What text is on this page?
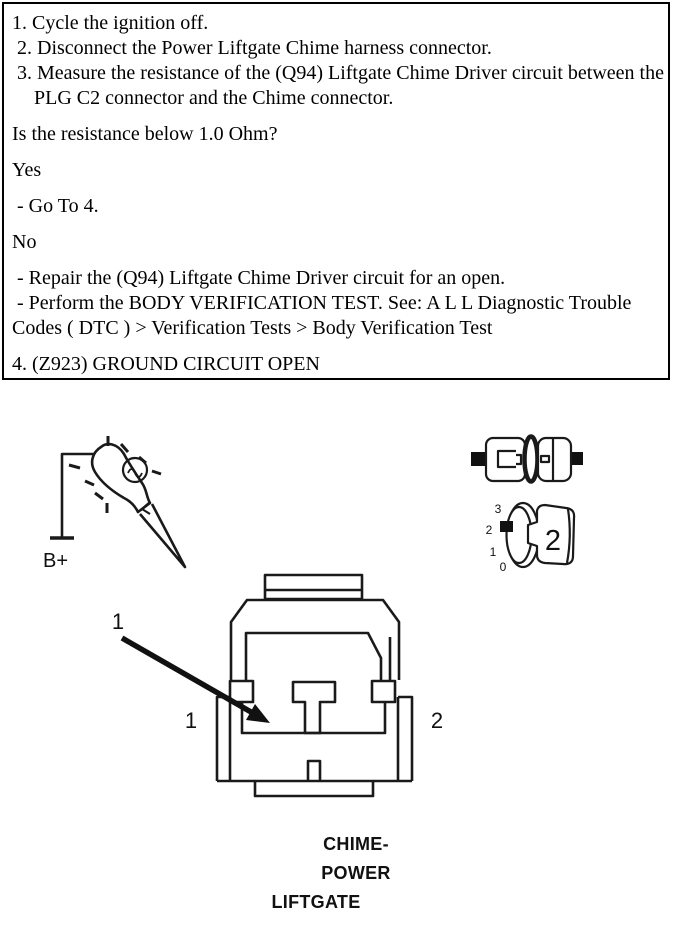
1. Cycle the ignition off.
2. Disconnect the Power Liftgate Chime harness connector.
3. Measure the resistance of the (Q94) Liftgate Chime Driver circuit between the
PLG C2 connector and the Chime connector.
Is the resistance below 1.0 Ohm?
Yes
- Go To 4.
No
- Repair the (Q94) Liftgate Chime Driver circuit for an open.
- Perform the BODY VERIFICATION TEST. See: A L L Diagnostic Trouble
Codes ( DTC ) > Verification Tests > Body Verification Test
4. (Z923) GROUND CIRCUIT OPEN
B+
3
2
1
0
2
1	2
1
CHIME-
POWER
LIFTGATE
